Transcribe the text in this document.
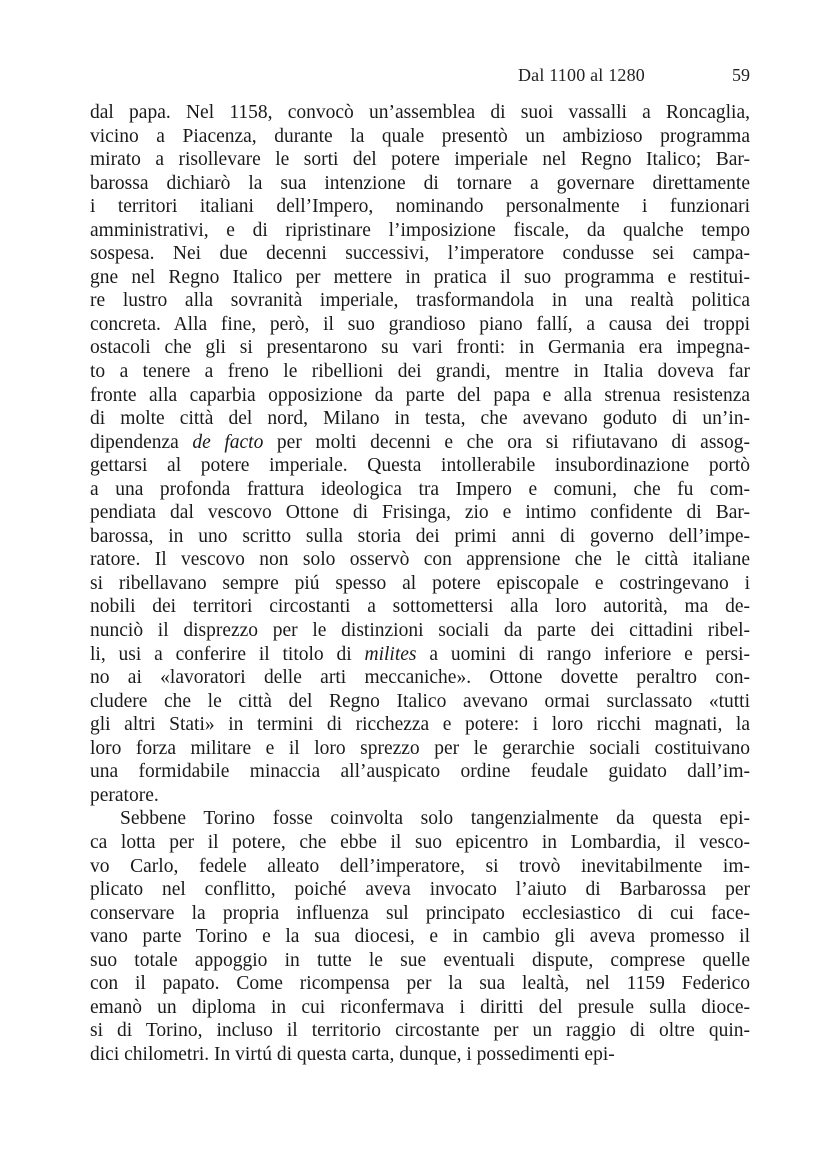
Dal 1100 al 1280	59
dal papa. Nel 1158, convocò un’assemblea di suoi vassalli a Roncaglia,
vicino a Piacenza, durante la quale presentò un ambizioso programma
mirato a risollevare le sorti del potere imperiale nel Regno Italico; Bar-
barossa dichiarò la sua intenzione di tornare a governare direttamente
i territori italiani dell’Impero, nominando personalmente i funzionari
amministrativi, e di ripristinare l’imposizione fiscale, da qualche tempo
sospesa. Nei due decenni successivi, l’imperatore condusse sei campa-
gne nel Regno Italico per mettere in pratica il suo programma e restitui-
re lustro alla sovranità imperiale, trasformandola in una realtà politica
concreta. Alla fine, però, il suo grandioso piano fallí, a causa dei troppi
ostacoli che gli si presentarono su vari fronti: in Germania era impegna-
to a tenere a freno le ribellioni dei grandi, mentre in Italia doveva far
fronte alla caparbia opposizione da parte del papa e alla strenua resistenza
di molte città del nord, Milano in testa, che avevano goduto di un’in-
dipendenza de facto per molti decenni e che ora si rifiutavano di assog-
gettarsi al potere imperiale. Questa intollerabile insubordinazione portò
a una profonda frattura ideologica tra Impero e comuni, che fu com-
pendiata dal vescovo Ottone di Frisinga, zio e intimo confidente di Bar-
barossa, in uno scritto sulla storia dei primi anni di governo dell’impe-
ratore. Il vescovo non solo osservò con apprensione che le città italiane
si ribellavano sempre piú spesso al potere episcopale e costringevano i
nobili dei territori circostanti a sottomettersi alla loro autorità, ma de-
nunciò il disprezzo per le distinzioni sociali da parte dei cittadini ribel-
li, usi a conferire il titolo di milites a uomini di rango inferiore e persi-
no ai «lavoratori delle arti meccaniche». Ottone dovette peraltro con-
cludere che le città del Regno Italico avevano ormai surclassato «tutti
gli altri Stati» in termini di ricchezza e potere: i loro ricchi magnati, la
loro forza militare e il loro sprezzo per le gerarchie sociali costituivano
una formidabile minaccia all’auspicato ordine feudale guidato dall’im-
peratore.
Sebbene Torino fosse coinvolta solo tangenzialmente da questa epi-
ca lotta per il potere, che ebbe il suo epicentro in Lombardia, il vesco-
vo Carlo, fedele alleato dell’imperatore, si trovò inevitabilmente im-
plicato nel conflitto, poiché aveva invocato l’aiuto di Barbarossa per
conservare la propria influenza sul principato ecclesiastico di cui face-
vano parte Torino e la sua diocesi, e in cambio gli aveva promesso il
suo totale appoggio in tutte le sue eventuali dispute, comprese quelle
con il papato. Come ricompensa per la sua lealtà, nel 1159 Federico
emanò un diploma in cui riconfermava i diritti del presule sulla dioce-
si di Torino, incluso il territorio circostante per un raggio di oltre quin-
dici chilometri. In virtú di questa carta, dunque, i possedimenti epi-
